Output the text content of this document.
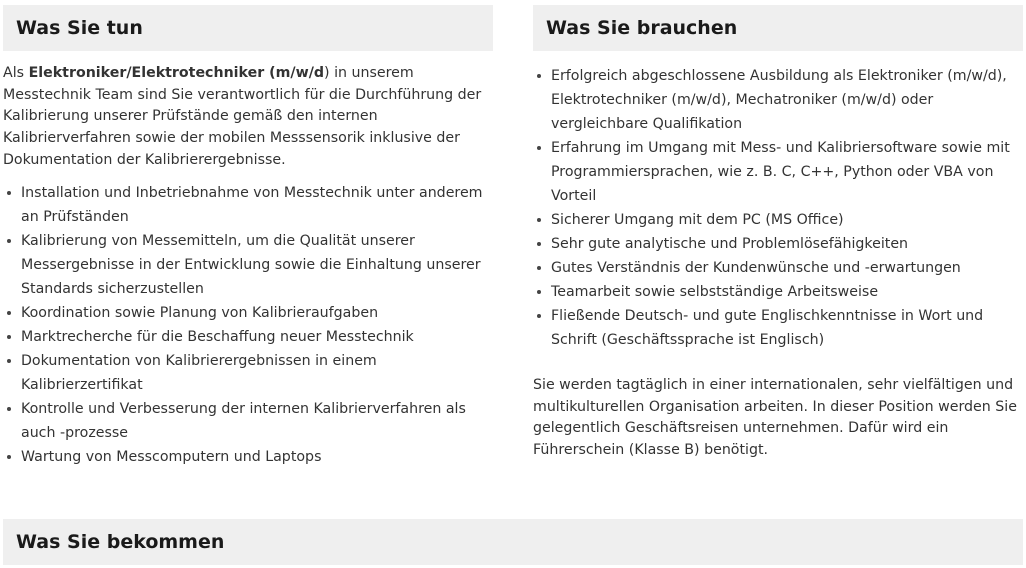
Was Sie tun	Was Sie brauchen

Als Elektroniker/Elektrotechniker (m/w/d) in unserem Messtechnik Team sind Sie verantwortlich für die Durchführung der Kalibrierung unserer Prüfstände gemäß den internen Kalibrierverfahren sowie der mobilen Messsensorik inklusive der Dokumentation der Kalibrierergebnisse.

Installation und Inbetriebnahme von Messtechnik unter anderem an Prüfständen
Kalibrierung von Messemitteln, um die Qualität unserer Messergebnisse in der Entwicklung sowie die Einhaltung unserer Standards sicherzustellen
Koordination sowie Planung von Kalibrieraufgaben
Marktrecherche für die Beschaffung neuer Messtechnik
Dokumentation von Kalibrierergebnissen in einem Kalibrierzertifikat
Kontrolle und Verbesserung der internen Kalibrierverfahren als auch -prozesse
Wartung von Messcomputern und Laptops
Erfolgreich abgeschlossene Ausbildung als Elektroniker (m/w/d), Elektrotechniker (m/w/d), Mechatroniker (m/w/d) oder vergleichbare Qualifikation
Erfahrung im Umgang mit Mess- und Kalibriersoftware sowie mit Programmiersprachen, wie z. B. C, C++, Python oder VBA von Vorteil
Sicherer Umgang mit dem PC (MS Office)
Sehr gute analytische und Problemlösefähigkeiten
Gutes Verständnis der Kundenwünsche und -erwartungen
Teamarbeit sowie selbstständige Arbeitsweise
Fließende Deutsch- und gute Englischkenntnisse in Wort und Schrift (Geschäftssprache ist Englisch)

Sie werden tagtäglich in einer internationalen, sehr vielfältigen und multikulturellen Organisation arbeiten. In dieser Position werden Sie gelegentlich Geschäftsreisen unternehmen. Dafür wird ein Führerschein (Klasse B) benötigt.

Was Sie bekommen
